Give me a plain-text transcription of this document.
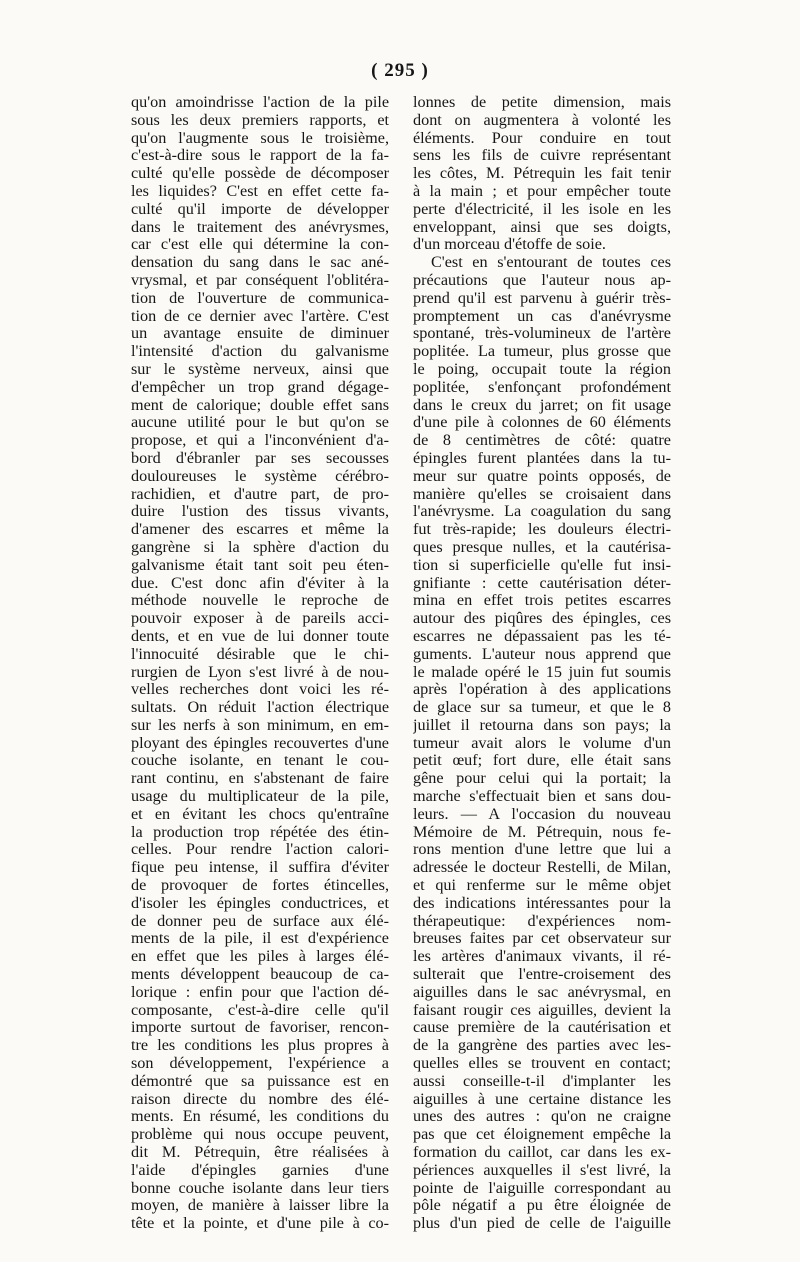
( 295 )
qu'on amoindrisse l'action de la pile
sous les deux premiers rapports, et
qu'on l'augmente sous le troisième,
c'est-à-dire sous le rapport de la fa-
culté qu'elle possède de décomposer
les liquides? C'est en effet cette fa-
culté qu'il importe de développer
dans le traitement des anévrysmes,
car c'est elle qui détermine la con-
densation du sang dans le sac ané-
vrysmal, et par conséquent l'oblitéra-
tion de l'ouverture de communica-
tion de ce dernier avec l'artère. C'est
un avantage ensuite de diminuer
l'intensité d'action du galvanisme
sur le système nerveux, ainsi que
d'empêcher un trop grand dégage-
ment de calorique; double effet sans
aucune utilité pour le but qu'on se
propose, et qui a l'inconvénient d'a-
bord d'ébranler par ses secousses
douloureuses le système cérébro-
rachidien, et d'autre part, de pro-
duire l'ustion des tissus vivants,
d'amener des escarres et même la
gangrène si la sphère d'action du
galvanisme était tant soit peu éten-
due. C'est donc afin d'éviter à la
méthode nouvelle le reproche de
pouvoir exposer à de pareils acci-
dents, et en vue de lui donner toute
l'innocuité désirable que le chi-
rurgien de Lyon s'est livré à de nou-
velles recherches dont voici les ré-
sultats. On réduit l'action électrique
sur les nerfs à son minimum, en em-
ployant des épingles recouvertes d'une
couche isolante, en tenant le cou-
rant continu, en s'abstenant de faire
usage du multiplicateur de la pile,
et en évitant les chocs qu'entraîne
la production trop répétée des étin-
celles. Pour rendre l'action calori-
fique peu intense, il suffira d'éviter
de provoquer de fortes étincelles,
d'isoler les épingles conductrices, et
de donner peu de surface aux élé-
ments de la pile, il est d'expérience
en effet que les piles à larges élé-
ments développent beaucoup de ca-
lorique : enfin pour que l'action dé-
composante, c'est-à-dire celle qu'il
importe surtout de favoriser, rencon-
tre les conditions les plus propres à
son développement, l'expérience a
démontré que sa puissance est en
raison directe du nombre des élé-
ments. En résumé, les conditions du
problème qui nous occupe peuvent,
dit M. Pétrequin, être réalisées à
l'aide d'épingles garnies d'une
bonne couche isolante dans leur tiers
moyen, de manière à laisser libre la
tête et la pointe, et d'une pile à co-
lonnes de petite dimension, mais
dont on augmentera à volonté les
éléments. Pour conduire en tout
sens les fils de cuivre représentant
les côtes, M. Pétrequin les fait tenir
à la main ; et pour empêcher toute
perte d'électricité, il les isole en les
enveloppant, ainsi que ses doigts,
d'un morceau d'étoffe de soie.
C'est en s'entourant de toutes ces
précautions que l'auteur nous ap-
prend qu'il est parvenu à guérir très-
promptement un cas d'anévrysme
spontané, très-volumineux de l'artère
poplitée. La tumeur, plus grosse que
le poing, occupait toute la région
poplitée, s'enfonçant profondément
dans le creux du jarret; on fit usage
d'une pile à colonnes de 60 éléments
de 8 centimètres de côté: quatre
épingles furent plantées dans la tu-
meur sur quatre points opposés, de
manière qu'elles se croisaient dans
l'anévrysme. La coagulation du sang
fut très-rapide; les douleurs électri-
ques presque nulles, et la cautérisa-
tion si superficielle qu'elle fut insi-
gnifiante : cette cautérisation déter-
mina en effet trois petites escarres
autour des piqûres des épingles, ces
escarres ne dépassaient pas les té-
guments. L'auteur nous apprend que
le malade opéré le 15 juin fut soumis
après l'opération à des applications
de glace sur sa tumeur, et que le 8
juillet il retourna dans son pays; la
tumeur avait alors le volume d'un
petit œuf; fort dure, elle était sans
gêne pour celui qui la portait; la
marche s'effectuait bien et sans dou-
leurs. — A l'occasion du nouveau
Mémoire de M. Pétrequin, nous fe-
rons mention d'une lettre que lui a
adressée le docteur Restelli, de Milan,
et qui renferme sur le même objet
des indications intéressantes pour la
thérapeutique: d'expériences nom-
breuses faites par cet observateur sur
les artères d'animaux vivants, il ré-
sulterait que l'entre-croisement des
aiguilles dans le sac anévrysmal, en
faisant rougir ces aiguilles, devient la
cause première de la cautérisation et
de la gangrène des parties avec les-
quelles elles se trouvent en contact;
aussi conseille-t-il d'implanter les
aiguilles à une certaine distance les
unes des autres : qu'on ne craigne
pas que cet éloignement empêche la
formation du caillot, car dans les ex-
périences auxquelles il s'est livré, la
pointe de l'aiguille correspondant au
pôle négatif a pu être éloignée de
plus d'un pied de celle de l'aiguille
